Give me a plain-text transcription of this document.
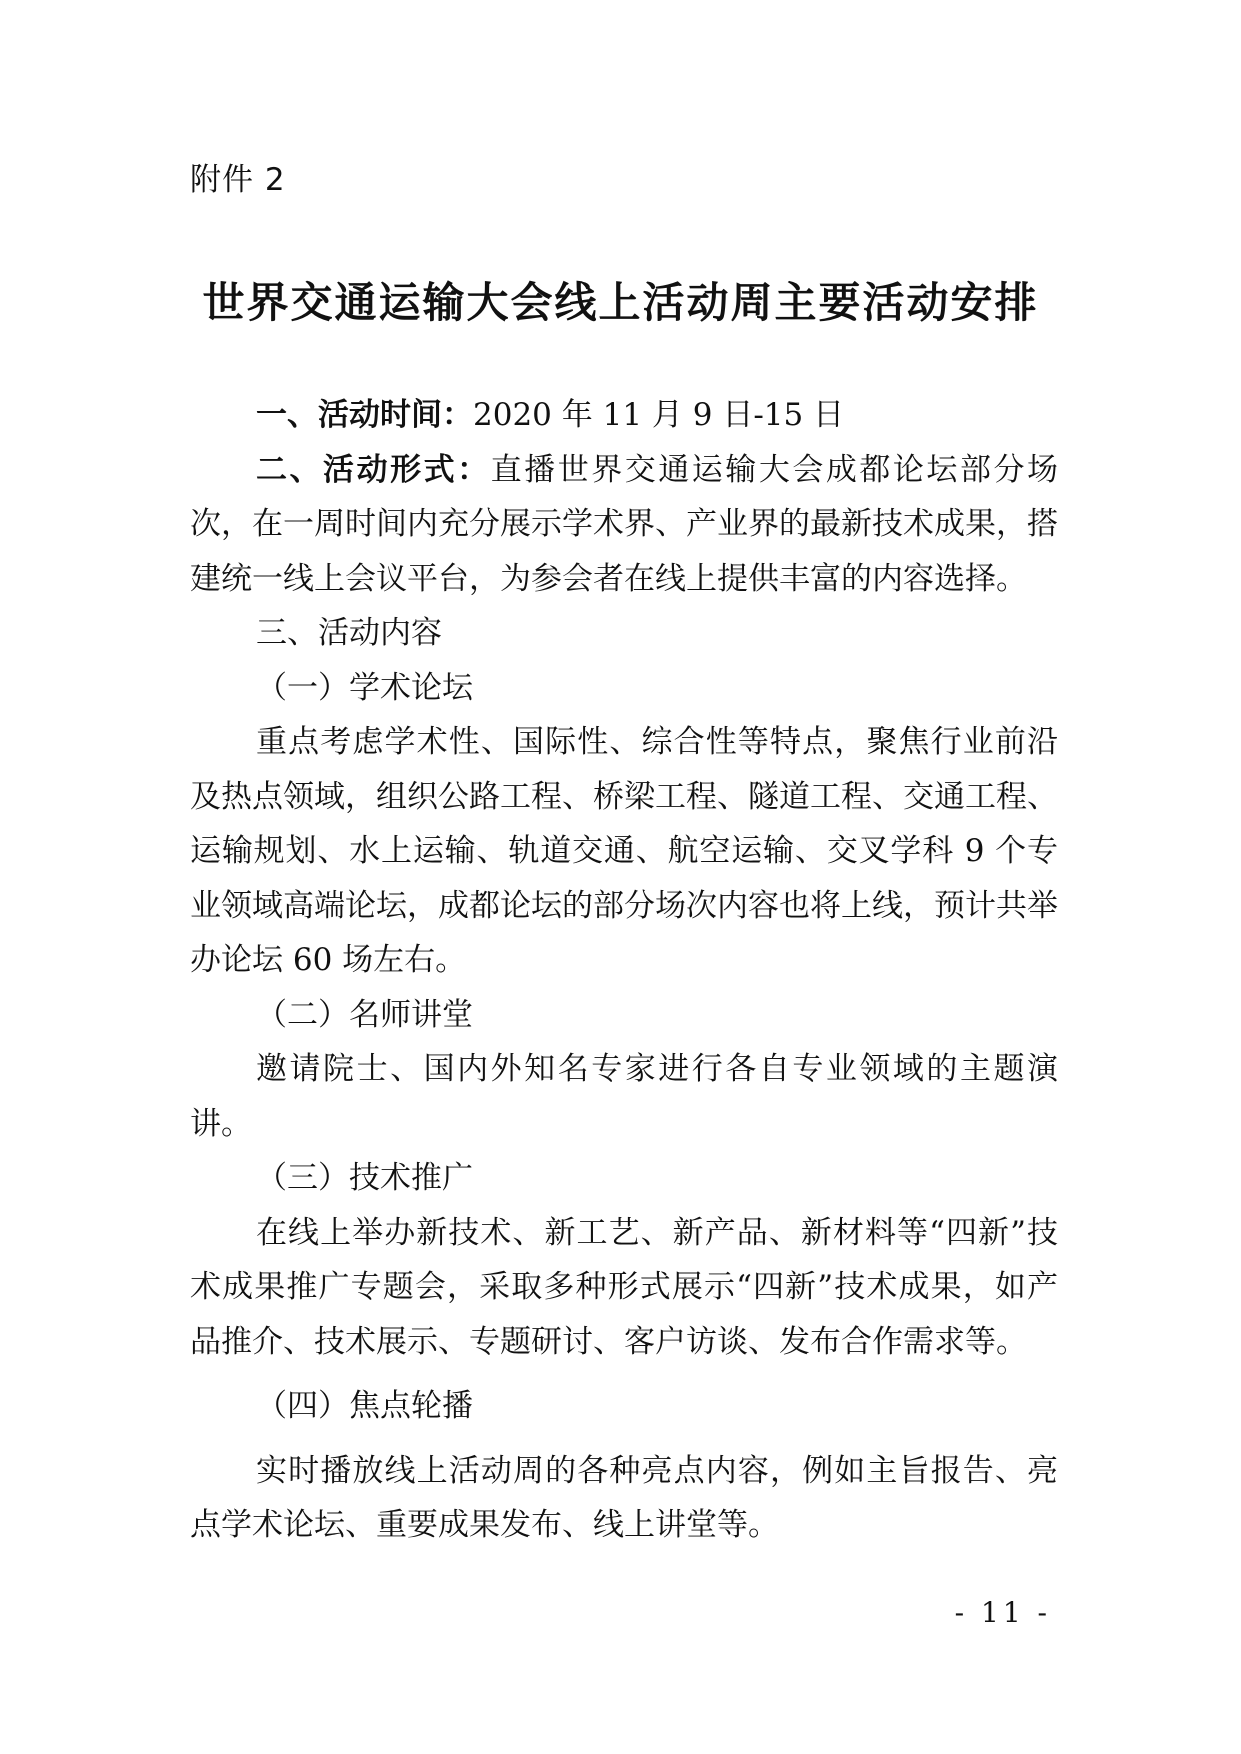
附件 2
世界交通运输大会线上活动周主要活动安排

一、活动时间：2020 年 11 月 9 日-15 日

二、活动形式：直播世界交通运输大会成都论坛部分场次，在一周时间内充分展示学术界、产业界的最新技术成果，搭建统一线上会议平台，为参会者在线上提供丰富的内容选择。

三、活动内容

（一）学术论坛

重点考虑学术性、国际性、综合性等特点，聚焦行业前沿及热点领域，组织公路工程、桥梁工程、隧道工程、交通工程、运输规划、水上运输、轨道交通、航空运输、交叉学科 9 个专业领域高端论坛，成都论坛的部分场次内容也将上线，预计共举办论坛 60 场左右。

（二）名师讲堂

邀请院士、国内外知名专家进行各自专业领域的主题演讲。

（三）技术推广

在线上举办新技术、新工艺、新产品、新材料等“四新”技术成果推广专题会，采取多种形式展示“四新”技术成果，如产品推介、技术展示、专题研讨、客户访谈、发布合作需求等。

（四）焦点轮播

实时播放线上活动周的各种亮点内容，例如主旨报告、亮点学术论坛、重要成果发布、线上讲堂等。

- 11 -
